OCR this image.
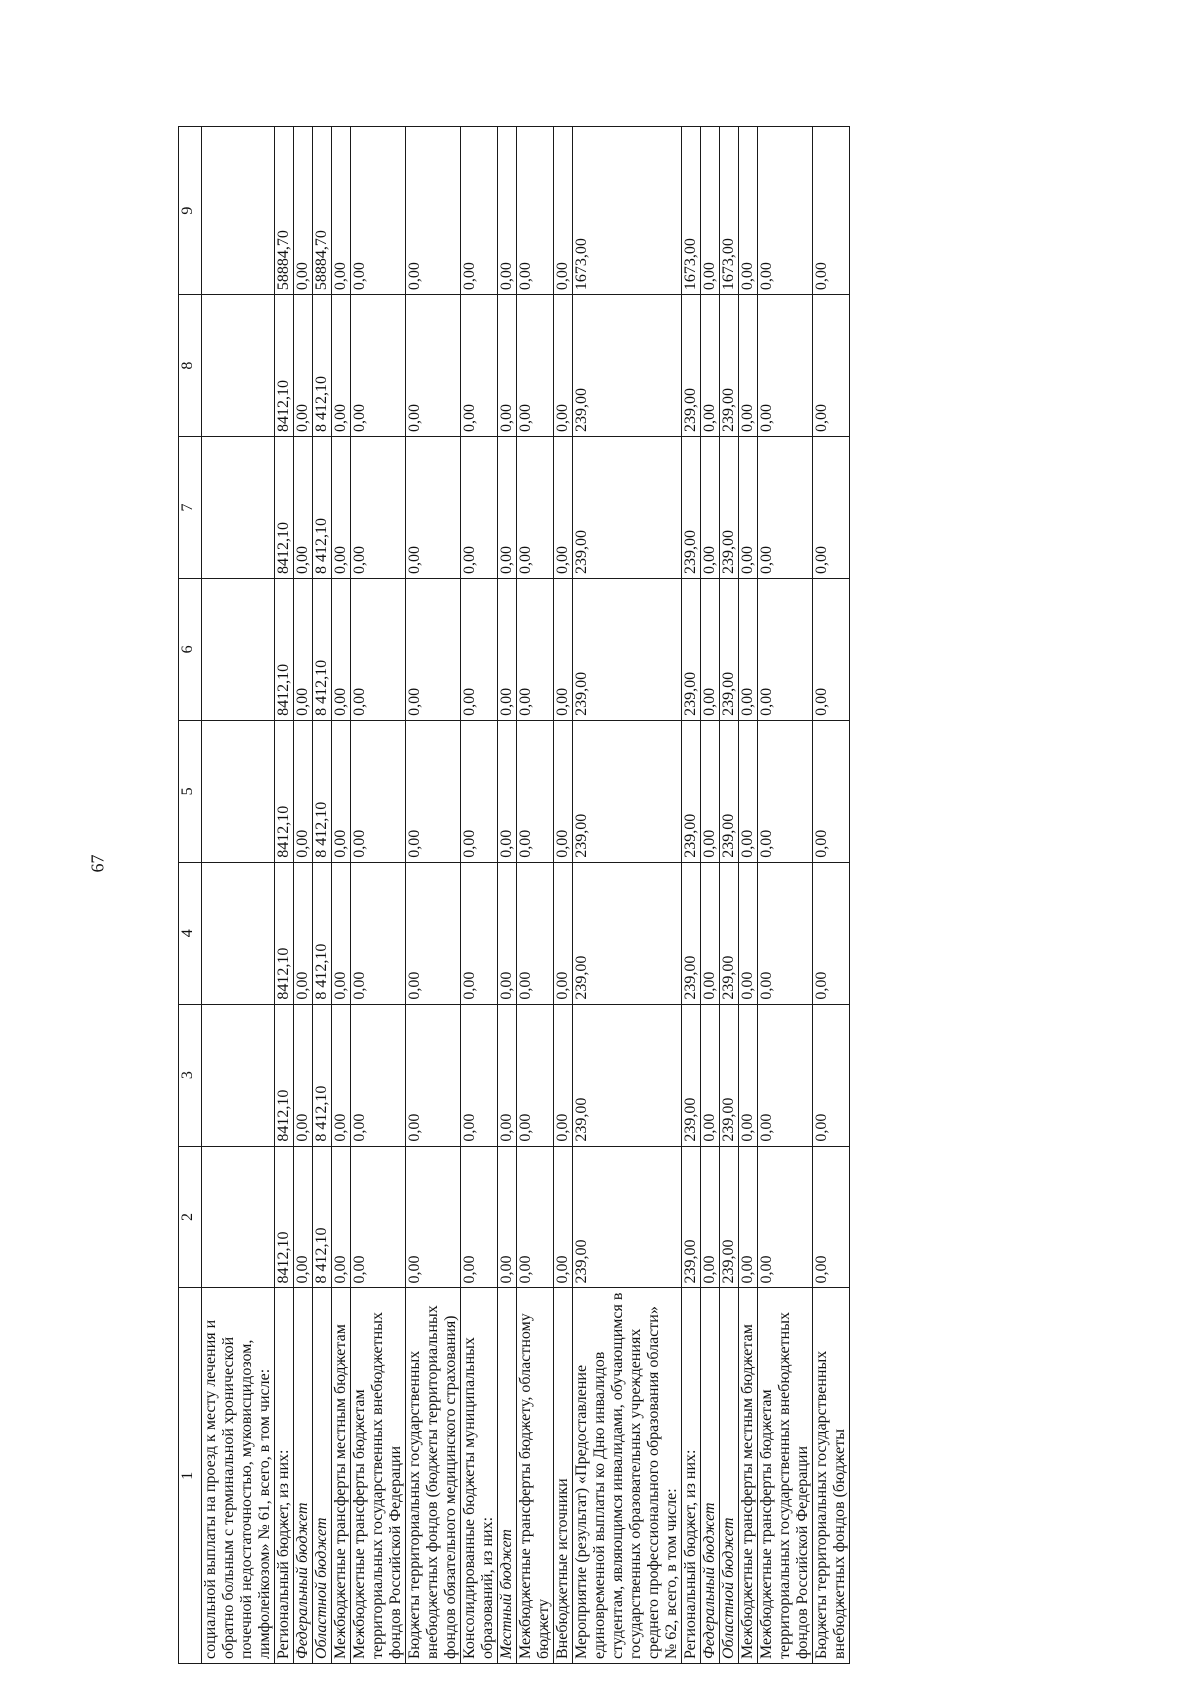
67
1	2	3	4	5	6	7	8	9
социальной выплаты на проезд к месту лечения и обратно больным с терминальной хронической почечной недостаточностью, муковисцидозом, лимфолейкозом» № 61, всего, в том числе:								
Региональный бюджет, из них:	8412,10	8412,10	8412,10	8412,10	8412,10	8412,10	8412,10	58884,70
Федеральный бюджет	0,00	0,00	0,00	0,00	0,00	0,00	0,00	0,00
Областной бюджет	8 412,10	8 412,10	8 412,10	8 412,10	8 412,10	8 412,10	8 412,10	58884,70
Межбюджетные трансферты местным бюджетам	0,00	0,00	0,00	0,00	0,00	0,00	0,00	0,00
Межбюджетные трансферты бюджетам территориальных государственных внебюджетных фондов Российской Федерации	0,00	0,00	0,00	0,00	0,00	0,00	0,00	0,00
Бюджеты территориальных государственных внебюджетных фондов (бюджеты территориальных фондов обязательного медицинского страхования)	0,00	0,00	0,00	0,00	0,00	0,00	0,00	0,00
Консолидированные бюджеты муниципальных образований, из них:	0,00	0,00	0,00	0,00	0,00	0,00	0,00	0,00
Местный бюджет	0,00	0,00	0,00	0,00	0,00	0,00	0,00	0,00
Межбюджетные трансферты бюджету, областному бюджету	0,00	0,00	0,00	0,00	0,00	0,00	0,00	0,00
Внебюджетные источники	0,00	0,00	0,00	0,00	0,00	0,00	0,00	0,00
Мероприятие (результат) «Предоставление единовременной выплаты ко Дню инвалидов студентам, являющимся инвалидами, обучающимся в государственных образовательных учреждениях среднего профессионального образования области» № 62, всего, в том числе:	239,00	239,00	239,00	239,00	239,00	239,00	239,00	1673,00
Региональный бюджет, из них:	239,00	239,00	239,00	239,00	239,00	239,00	239,00	1673,00
Федеральный бюджет	0,00	0,00	0,00	0,00	0,00	0,00	0,00	0,00
Областной бюджет	239,00	239,00	239,00	239,00	239,00	239,00	239,00	1673,00
Межбюджетные трансферты местным бюджетам	0,00	0,00	0,00	0,00	0,00	0,00	0,00	0,00
Межбюджетные трансферты бюджетам территориальных государственных внебюджетных фондов Российской Федерации	0,00	0,00	0,00	0,00	0,00	0,00	0,00	0,00
Бюджеты территориальных государственных внебюджетных фондов (бюджеты	0,00	0,00	0,00	0,00	0,00	0,00	0,00	0,00
